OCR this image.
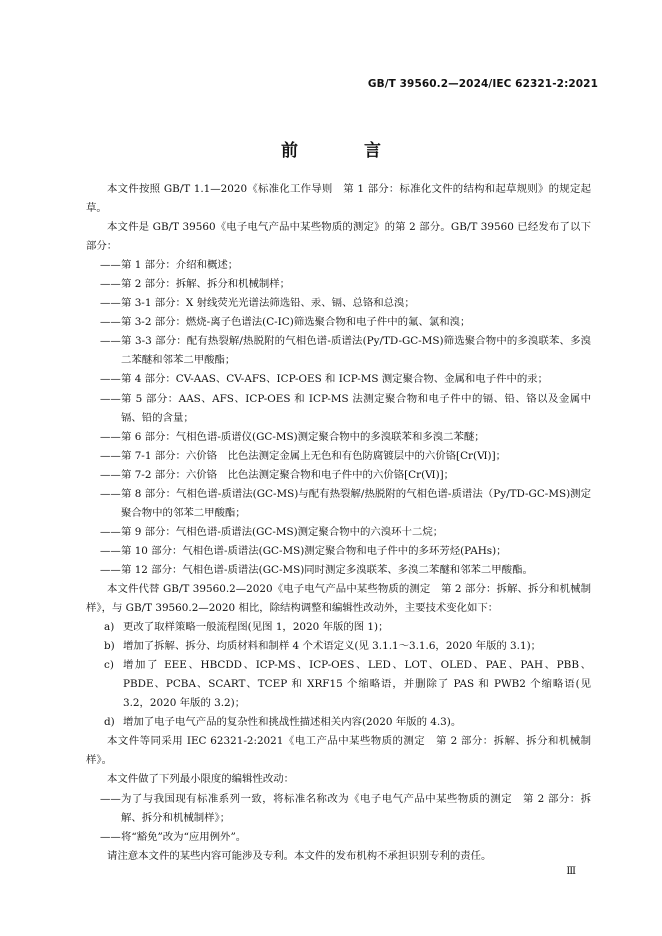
GB/T 39560.2—2024/IEC 62321-2:2021
前 言
本文件按照 GB/T 1.1—2020《标准化工作导则　第 1 部分：标准化文件的结构和起草规则》的规定起草。
本文件是 GB/T 39560《电子电气产品中某些物质的测定》的第 2 部分。GB/T 39560 已经发布了以下部分：
—— 第 1 部分：介绍和概述；
—— 第 2 部分：拆解、拆分和机械制样；
—— 第 3-1 部分：X 射线荧光光谱法筛选铅、汞、镉、总铬和总溴；
—— 第 3-2 部分：燃烧-离子色谱法(C-IC)筛选聚合物和电子件中的氟、氯和溴；
—— 第 3-3 部分：配有热裂解/热脱附的气相色谱-质谱法(Py/TD-GC-MS)筛选聚合物中的多溴联苯、多溴二苯醚和邻苯二甲酸酯；
—— 第 4 部分：CV-AAS、CV-AFS、ICP-OES 和 ICP-MS 测定聚合物、金属和电子件中的汞；
—— 第 5 部分：AAS、AFS、ICP-OES 和 ICP-MS 法测定聚合物和电子件中的镉、铅、铬以及金属中镉、铅的含量；
—— 第 6 部分：气相色谱-质谱仪(GC-MS)测定聚合物中的多溴联苯和多溴二苯醚；
—— 第 7-1 部分：六价铬　比色法测定金属上无色和有色防腐镀层中的六价铬[Cr(Ⅵ)]；
—— 第 7-2 部分：六价铬　比色法测定聚合物和电子件中的六价铬[Cr(Ⅵ)]；
—— 第 8 部分：气相色谱-质谱法(GC-MS)与配有热裂解/热脱附的气相色谱-质谱法（Py/TD-GC-MS)测定聚合物中的邻苯二甲酸酯；
—— 第 9 部分：气相色谱-质谱法(GC-MS)测定聚合物中的六溴环十二烷；
—— 第 10 部分：气相色谱-质谱法(GC-MS)测定聚合物和电子件中的多环芳烃(PAHs)；
—— 第 12 部分：气相色谱-质谱法(GC-MS)同时测定多溴联苯、多溴二苯醚和邻苯二甲酸酯。
本文件代替 GB/T 39560.2—2020《电子电气产品中某些物质的测定　第 2 部分：拆解、拆分和机械制样》，与 GB/T 39560.2—2020 相比，除结构调整和编辑性改动外，主要技术变化如下：
a) 更改了取样策略一般流程图(见图 1，2020 年版的图 1)；
b) 增加了拆解、拆分、均质材料和制样 4 个术语定义(见 3.1.1～3.1.6，2020 年版的 3.1)；
c) 增加了 EEE、HBCDD、ICP-MS、ICP-OES、LED、LOT、OLED、PAE、PAH、PBB、PBDE、PCBA、SCART、TCEP 和 XRF15 个缩略语，并删除了 PAS 和 PWB2 个缩略语(见 3.2，2020 年版的 3.2)；
d) 增加了电子电气产品的复杂性和挑战性描述相关内容(2020 年版的 4.3)。
本文件等同采用 IEC 62321-2:2021《电工产品中某些物质的测定　第 2 部分：拆解、拆分和机械制样》。
本文件做了下列最小限度的编辑性改动：
—— 为了与我国现有标准系列一致，将标准名称改为《电子电气产品中某些物质的测定　第 2 部分：拆解、拆分和机械制样》；
—— 将“豁免”改为“应用例外”。
请注意本文件的某些内容可能涉及专利。本文件的发布机构不承担识别专利的责任。
Ⅲ
